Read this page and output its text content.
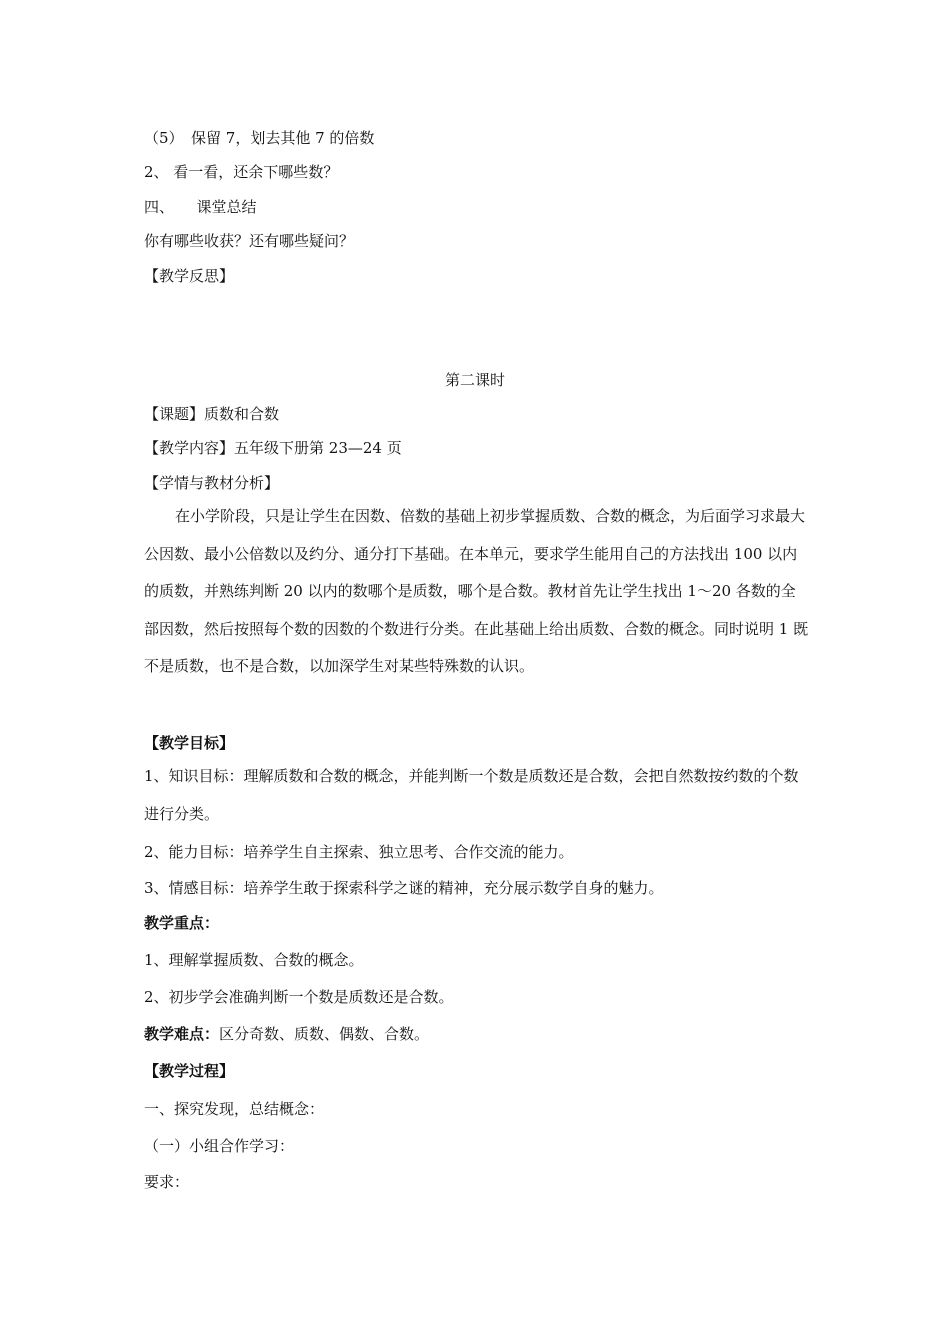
（5）　保留 7，划去其他 7 的倍数
2、 看一看，还余下哪些数？
四、　　课堂总结
你有哪些收获？还有哪些疑问？
【教学反思】
第二课时
【课题】质数和合数
【教学内容】五年级下册第 23—24 页
【学情与教材分析】
在小学阶段，只是让学生在因数、倍数的基础上初步掌握质数、合数的概念，为后面学习求最大公因数、最小公倍数以及约分、通分打下基础。在本单元，要求学生能用自己的方法找出 100 以内的质数，并熟练判断 20 以内的数哪个是质数，哪个是合数。教材首先让学生找出 1～20 各数的全部因数，然后按照每个数的因数的个数进行分类。在此基础上给出质数、合数的概念。同时说明 1 既不是质数，也不是合数，以加深学生对某些特殊数的认识。
【教学目标】
1、知识目标：理解质数和合数的概念，并能判断一个数是质数还是合数，会把自然数按约数的个数进行分类。
2、能力目标：培养学生自主探索、独立思考、合作交流的能力。
3、情感目标：培养学生敢于探索科学之谜的精神，充分展示数学自身的魅力。
教学重点：
1、理解掌握质数、合数的概念。
2、初步学会准确判断一个数是质数还是合数。
教学难点：区分奇数、质数、偶数、合数。
【教学过程】
一、探究发现，总结概念：
（一）小组合作学习：
要求：
